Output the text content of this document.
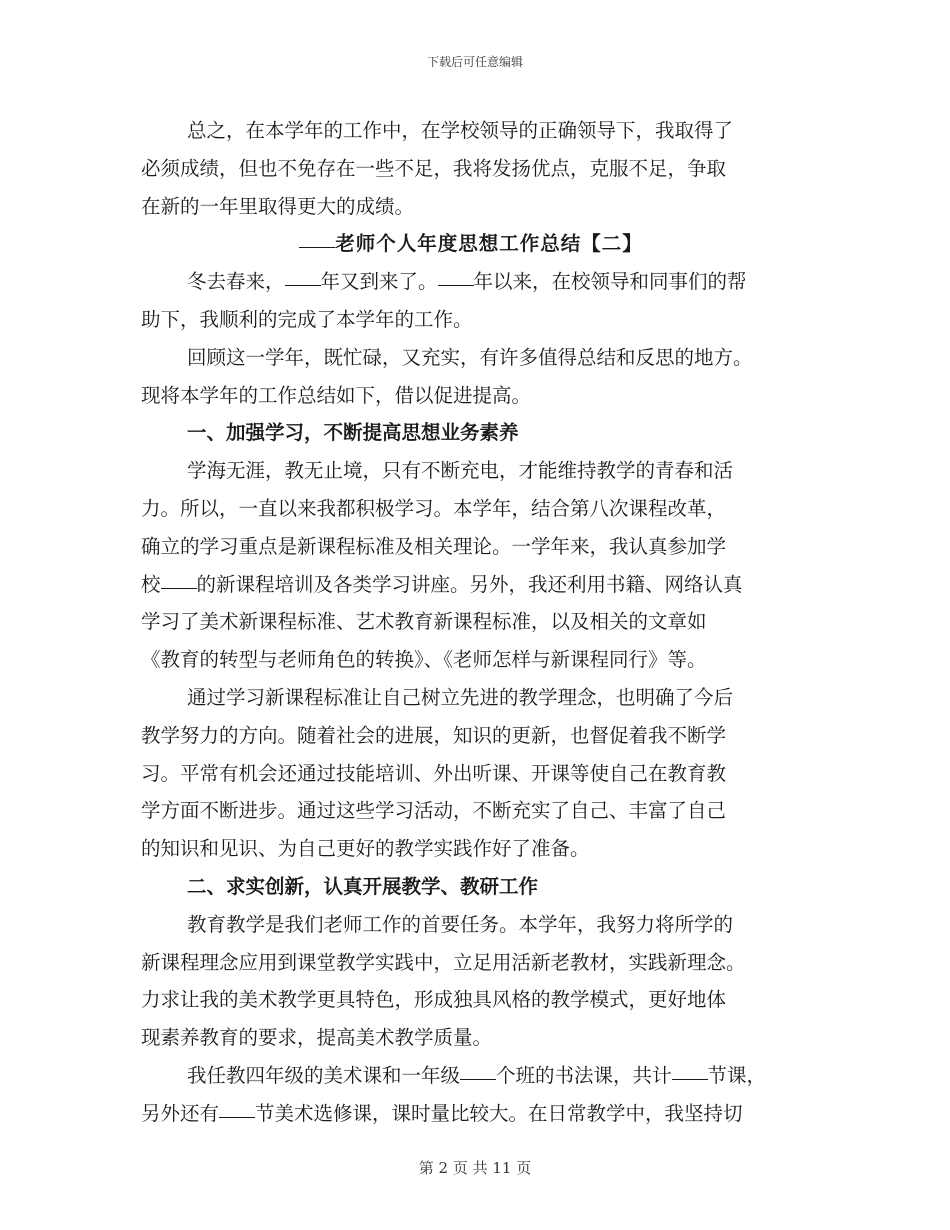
下载后可任意编辑

总之，在本学年的工作中，在学校领导的正确领导下，我取得了
必须成绩，但也不免存在一些不足，我将发扬优点，克服不足，争取
在新的一年里取得更大的成绩。

老师个人年度思想工作总结【二】

冬去春来， 年又到来了。 年以来，在校领导和同事们的帮
助下，我顺利的完成了本学年的工作。

回顾这一学年，既忙碌，又充实，有许多值得总结和反思的地方。
现将本学年的工作总结如下，借以促进提高。

一、加强学习，不断提高思想业务素养

学海无涯，教无止境，只有不断充电，才能维持教学的青春和活
力。所以，一直以来我都积极学习。本学年，结合第八次课程改革，
确立的学习重点是新课程标准及相关理论。一学年来，我认真参加学
校 的新课程培训及各类学习讲座。另外，我还利用书籍、网络认真
学习了美术新课程标准、艺术教育新课程标准，以及相关的文章如
《教育的转型与老师角色的转换》、《老师怎样与新课程同行》等。

通过学习新课程标准让自己树立先进的教学理念，也明确了今后
教学努力的方向。随着社会的进展，知识的更新，也督促着我不断学
习。平常有机会还通过技能培训、外出听课、开课等使自己在教育教
学方面不断进步。通过这些学习活动，不断充实了自己、丰富了自己
的知识和见识、为自己更好的教学实践作好了准备。

二、求实创新，认真开展教学、教研工作

教育教学是我们老师工作的首要任务。本学年，我努力将所学的
新课程理念应用到课堂教学实践中，立足用活新老教材，实践新理念。
力求让我的美术教学更具特色，形成独具风格的教学模式，更好地体
现素养教育的要求，提高美术教学质量。

我任教四年级的美术课和一年级 个班的书法课，共计 节课，
另外还有 节美术选修课，课时量比较大。在日常教学中，我坚持切

第 2 页 共 11 页
